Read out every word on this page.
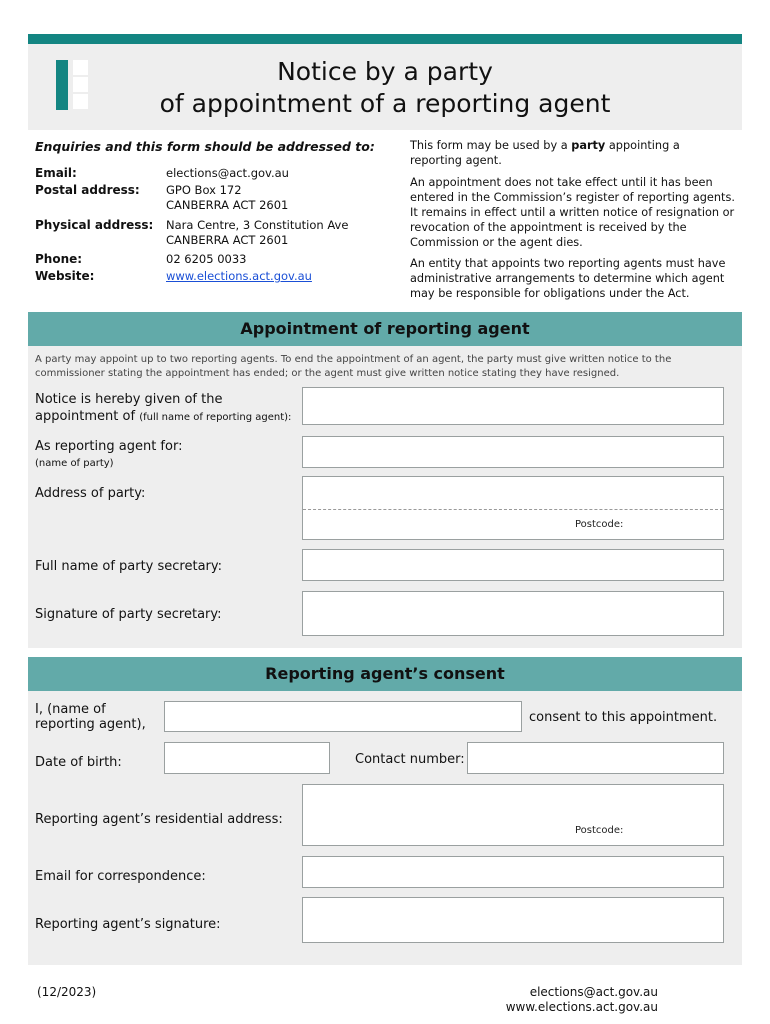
Notice by a party
of appointment of a reporting agent
Enquiries and this form should be addressed to:
Email:	elections@act.gov.au
Postal address: GPO Box 172
CANBERRA ACT 2601
Physical address: Nara Centre, 3 Constitution Ave
CANBERRA ACT 2601
Phone:	02 6205 0033
Website:	www.elections.act.gov.au
This form may be used by a party appointing a reporting agent.
An appointment does not take effect until it has been entered in the Commission’s register of reporting agents. It remains in effect until a written notice of resignation or revocation of the appointment is received by the Commission or the agent dies.
An entity that appoints two reporting agents must have administrative arrangements to determine which agent may be responsible for obligations under the Act.
Appointment of reporting agent
A party may appoint up to two reporting agents. To end the appointment of an agent, the party must give written notice to the commissioner stating the appointment has ended; or the agent must give written notice stating they have resigned.
Notice is hereby given of the
appointment of (full name of reporting agent):
As reporting agent for:
(name of party)
Address of party:
Postcode:
Full name of party secretary:
Signature of party secretary:
Reporting agent’s consent
I, (name of
reporting agent),	consent to this appointment.
Date of birth:	Contact number:
Reporting agent’s residential address:
Postcode:
Email for correspondence:
Reporting agent’s signature:
(12/2023)	elections@act.gov.au
www.elections.act.gov.au
